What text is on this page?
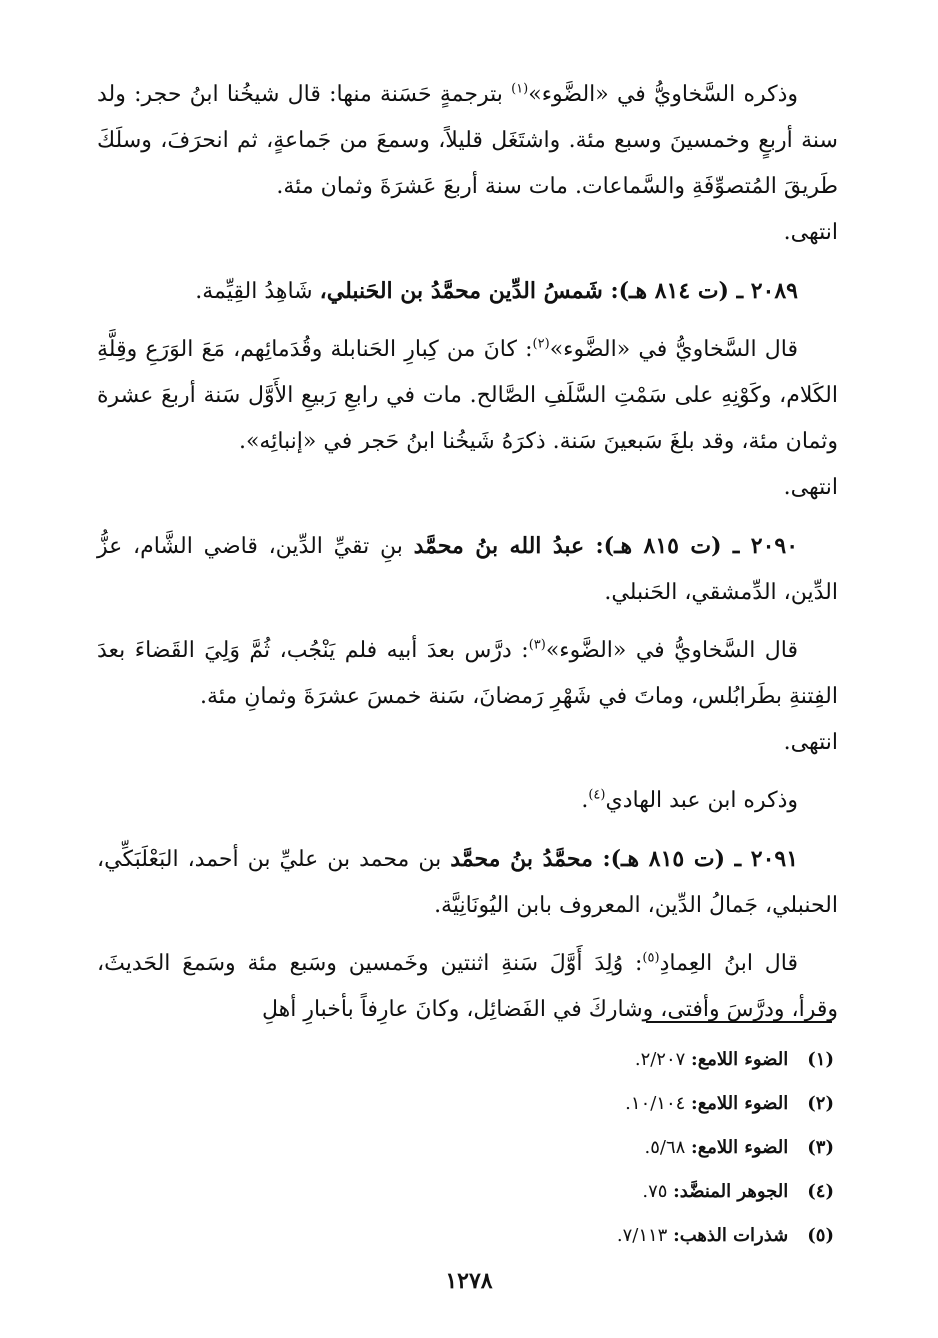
وذكره السَّخاويُّ في «الضَّوء»$^{(١)}$ بترجمةٍ حَسَنة منها: قال شيخُنا ابنُ حجر: ولد سنة أربعٍ وخمسينَ وسبع مئة. واشتَغَل قليلاً، وسمعَ من جَماعةٍ، ثم انحرَفَ، وسلَكَ طَريقَ المُتصوِّفَةِ والسَّماعات. مات سنة أربعَ عَشرَةَ وثمان مئة.
انتهى.

٢٠٨٩ ـ (ت ٨١٤ هـ): شَمسُ الدِّين محمَّدُ بن الحَنبلي، شَاهِدُ القِيِّمة.

قال السَّخاويُّ في «الضَّوء»$^{(٢)}$: كانَ من كِبارِ الحَنابلة وقُدَمائِهم، مَعَ الوَرَعِ وقِلَّةِ الكَلام، وكَوْنِهِ على سَمْتِ السَّلَفِ الصَّالح. مات في رابعِ رَبيعِ الأَوَّل سَنة أربعَ عشرة وثمان مئة، وقد بلغَ سَبعينَ سَنة. ذكرَهُ شَيخُنا ابنُ حَجر في «إنبائِه».
انتهى.

٢٠٩٠ ـ (ت ٨١٥ هـ): عبدُ الله بنُ محمَّد بنِ تقيِّ الدِّين، قاضي الشَّام، عزُّ الدِّين، الدِّمشقي، الحَنبلي.

قال السَّخاويُّ في «الضَّوء»$^{(٣)}$: درَّس بعدَ أبيه فلم يَنْجُب، ثُمَّ وَلِيَ القَضاءَ بعدَ الفِتنةِ بطَرابُلس، وماتَ في شَهْرِ رَمضانَ، سَنة خمسَ عشرَةَ وثمانِ مئة.
انتهى.

وذكره ابن عبد الهادي$^{(٤)}$.

٢٠٩١ ـ (ت ٨١٥ هـ): محمَّدُ بنُ محمَّد بن محمد بن عليِّ بن أحمد، البَعْلَبَكِّي، الحنبلي، جَمالُ الدِّين، المعروف بابن اليُونَانِيَّة.

قال ابنُ العِمادِ$^{(٥)}$: وُلِدَ أَوَّلَ سَنةِ اثنتين وخَمسين وسَبع مئة وسَمعَ الحَديثَ، وقرأ، ودرَّسَ وأفتى، وشاركَ في الفَضائِل، وكانَ عارِفاً بأخبارِ أهلِ

(١) الضوء اللامع: ٢/٢٠٧.
(٢) الضوء اللامع: ١٠/١٠٤.
(٣) الضوء اللامع: ٥/٦٨.
(٤) الجوهر المنضَّد: ٧٥.
(٥) شذرات الذهب: ٧/١١٣.
١٢٧٨
